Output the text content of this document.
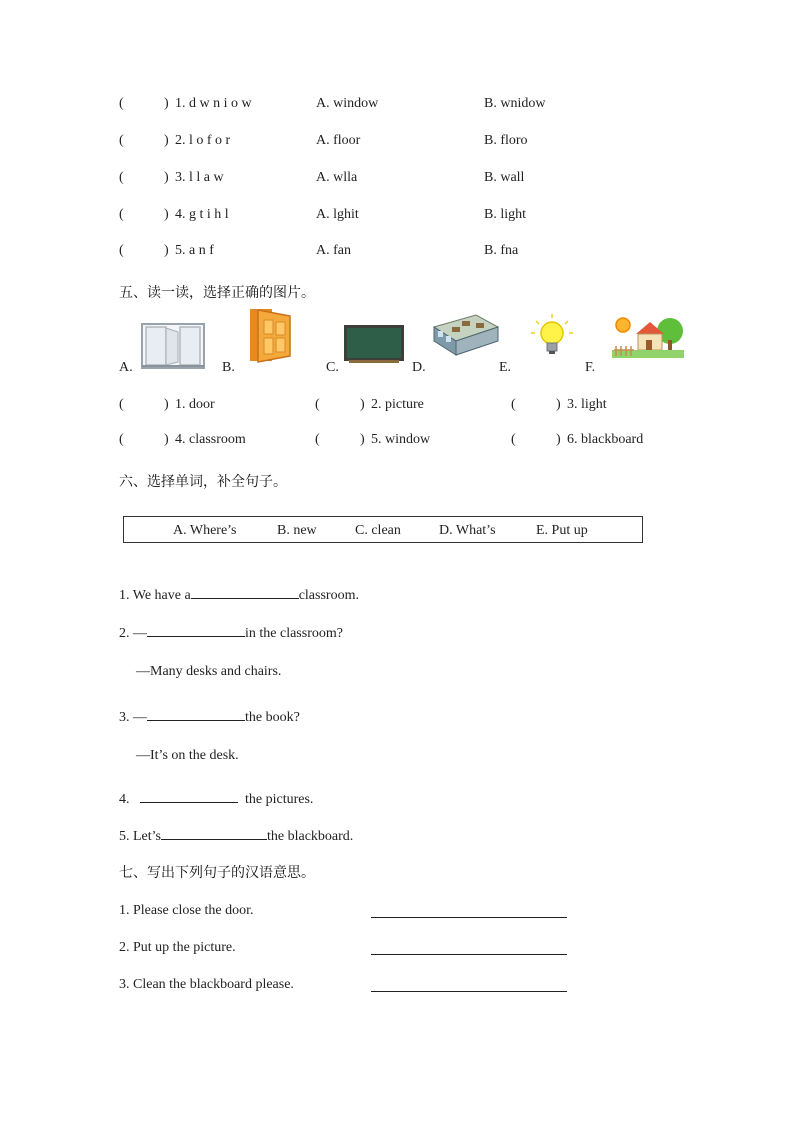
(	) 1. d w n i o w	A. window	B. wnidow
(	) 2. l o f o r	A. floor	B. floro
(	) 3. l l a w	A. wlla	B. wall
(	) 4. g t i h l	A. lghit	B. light
(	) 5. a n f	A. fan	B. fna
五、读一读，选择正确的图片。
A.	B.	C.	D.	E.	F.
(	) 1. door	(	) 2. picture	(	) 3. light
(	) 4. classroom	(	) 5. window	(	) 6. blackboard
六、选择单词，补全句子。
A. Where’s	B. new	C. clean	D. What’s	E. Put up
1. We have a	classroom.
2. —	in the classroom?
—Many desks and chairs.
3. —	the book?
—It’s on the desk.
4.	the pictures.
5. Let’s	the blackboard.
七、写出下列句子的汉语意思。
1. Please close the door.
2. Put up the picture.
3. Clean the blackboard please.
